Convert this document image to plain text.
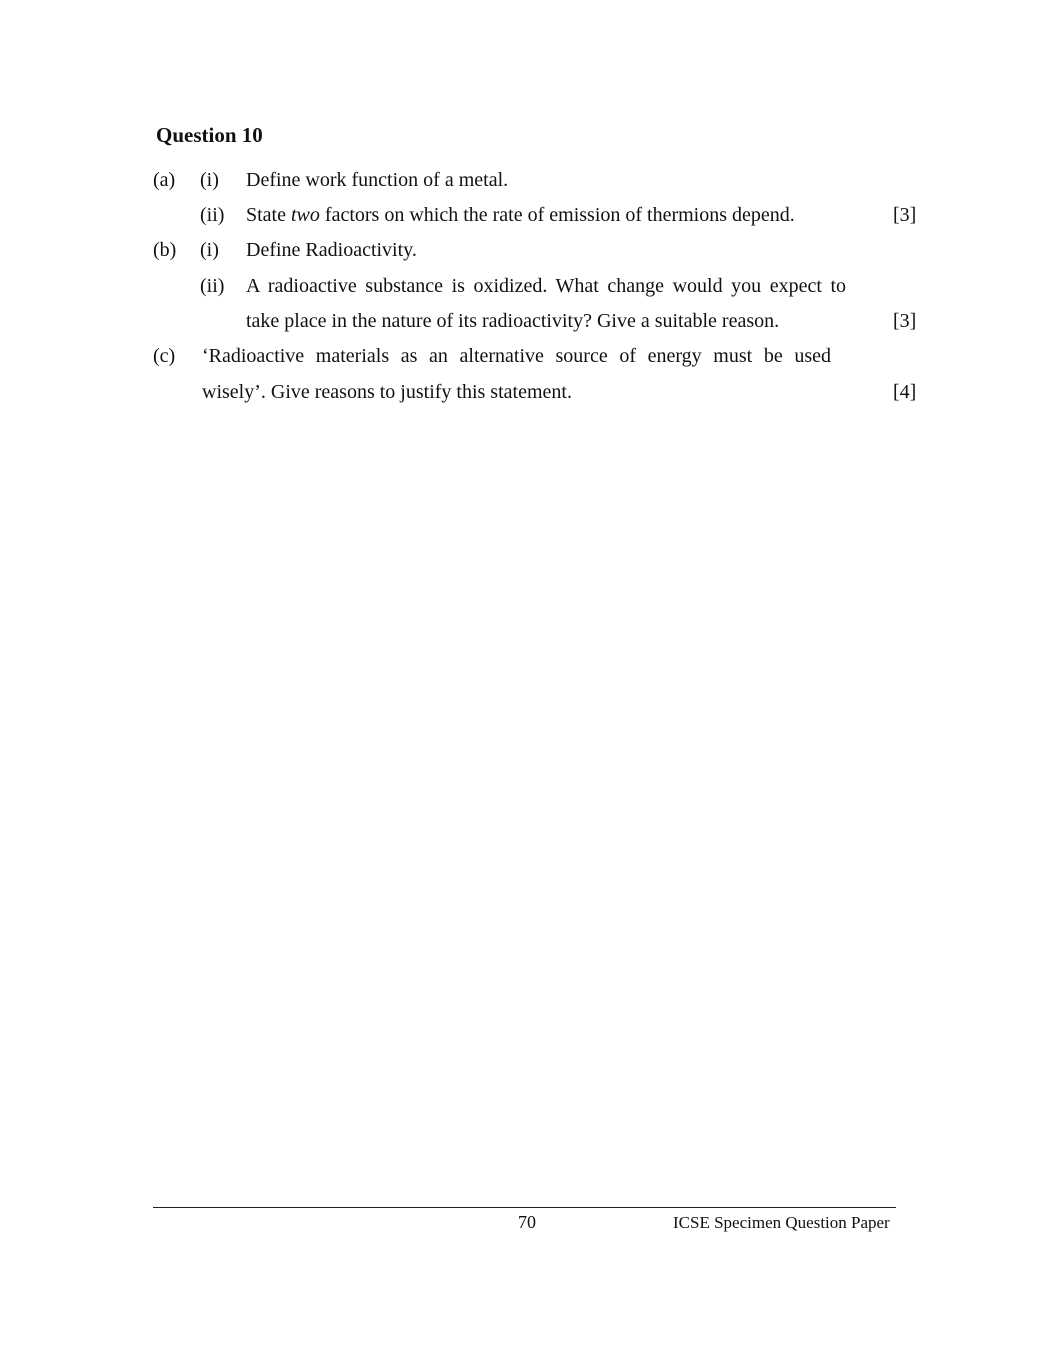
Question 10
(a) (i) Define work function of a metal.
(ii) State two factors on which the rate of emission of thermions depend.	[3]
(b) (i) Define Radioactivity.
(ii) A radioactive substance is oxidized. What change would you expect to
take place in the nature of its radioactivity? Give a suitable reason.	[3]
(c) ‘Radioactive materials as an alternative source of energy must be used
wisely’. Give reasons to justify this statement.	[4]
70	ICSE Specimen Question Paper
